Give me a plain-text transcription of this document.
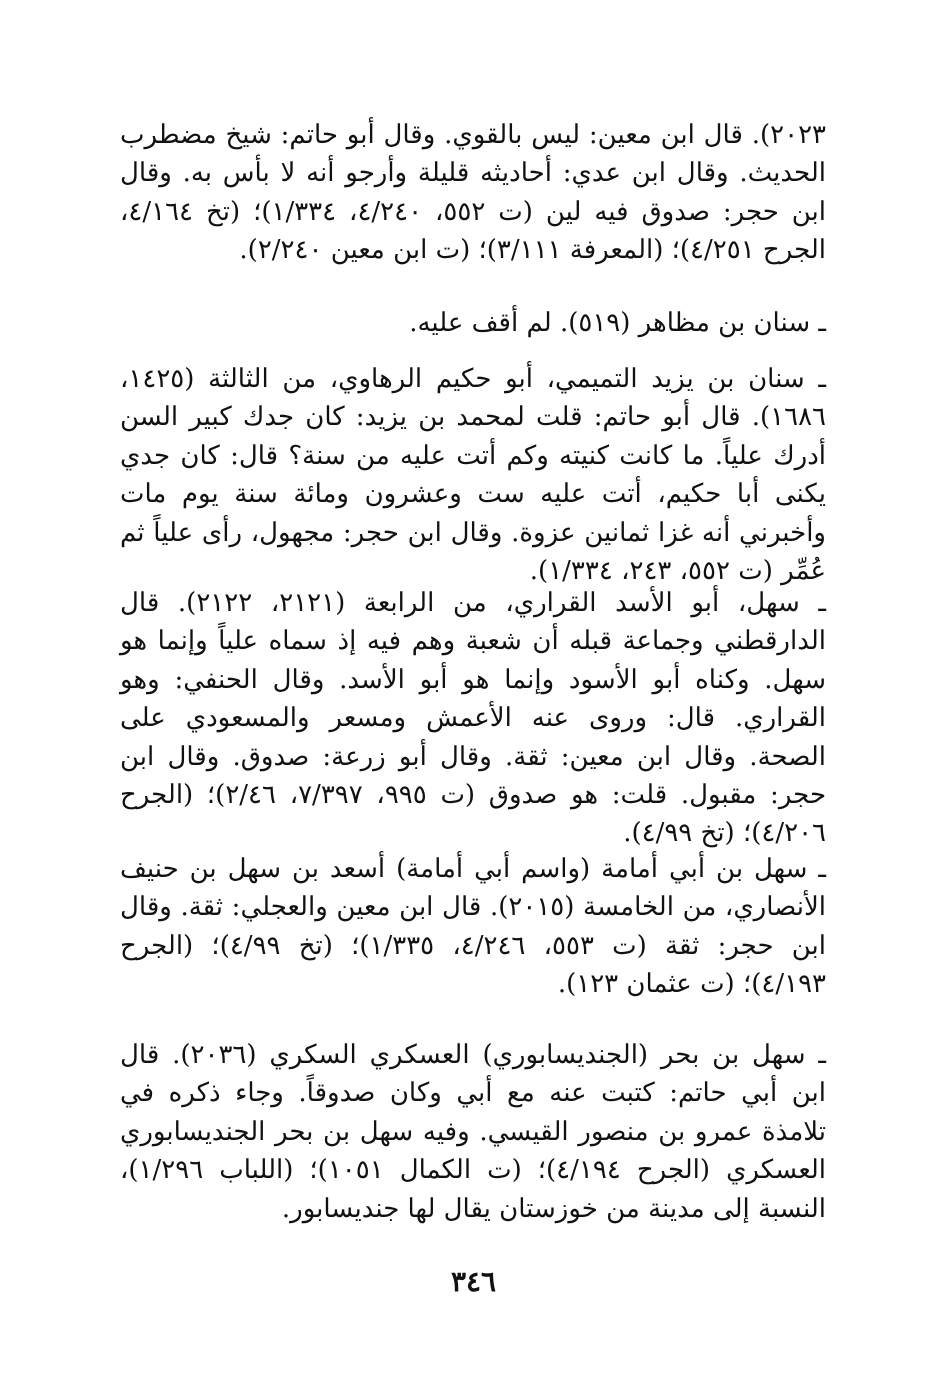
٢٠٢٣). قال ابن معين: ليس بالقوي. وقال أبو حاتم: شيخ مضطرب الحديث. وقال ابن عدي: أحاديثه قليلة وأرجو أنه لا بأس به. وقال ابن حجر: صدوق فيه لين (ت ٥٥٢، ٤/٢٤٠، ١/٣٣٤)؛ (تخ ٤/١٦٤، الجرح ٤/٢٥١)؛ (المعرفة ٣/١١١)؛ (ت ابن معين ٢/٢٤٠).

ـ سنان بن مظاهر (٥١٩). لم أقف عليه.

ـ سنان بن يزيد التميمي، أبو حكيم الرهاوي، من الثالثة (١٤٢٥، ١٦٨٦). قال أبو حاتم: قلت لمحمد بن يزيد: كان جدك كبير السن أدرك علياً. ما كانت كنيته وكم أتت عليه من سنة؟ قال: كان جدي يكنى أبا حكيم، أتت عليه ست وعشرون ومائة سنة يوم مات وأخبرني أنه غزا ثمانين عزوة. وقال ابن حجر: مجهول، رأى علياً ثم عُمِّر (ت ٥٥٢، ٢٤٣، ١/٣٣٤).

ـ سهل، أبو الأسد القراري، من الرابعة (٢١٢١، ٢١٢٢). قال الدارقطني وجماعة قبله أن شعبة وهم فيه إذ سماه علياً وإنما هو سهل. وكناه أبو الأسود وإنما هو أبو الأسد. وقال الحنفي: وهو القراري. قال: وروى عنه الأعمش ومسعر والمسعودي على الصحة. وقال ابن معين: ثقة. وقال أبو زرعة: صدوق. وقال ابن حجر: مقبول. قلت: هو صدوق (ت ٩٩٥، ٧/٣٩٧، ٢/٤٦)؛ (الجرح ٤/٢٠٦)؛ (تخ ٤/٩٩).

ـ سهل بن أبي أمامة (واسم أبي أمامة) أسعد بن سهل بن حنيف الأنصاري، من الخامسة (٢٠١٥). قال ابن معين والعجلي: ثقة. وقال ابن حجر: ثقة (ت ٥٥٣، ٤/٢٤٦، ١/٣٣٥)؛ (تخ ٤/٩٩)؛ (الجرح ٤/١٩٣)؛ (ت عثمان ١٢٣).

ـ سهل بن بحر (الجنديسابوري) العسكري السكري (٢٠٣٦). قال ابن أبي حاتم: كتبت عنه مع أبي وكان صدوقاً. وجاء ذكره في تلامذة عمرو بن منصور القيسي. وفيه سهل بن بحر الجنديسابوري العسكري (الجرح ٤/١٩٤)؛ (ت الكمال ١٠٥١)؛ (اللباب ١/٢٩٦)، النسبة إلى مدينة من خوزستان يقال لها جنديسابور.

٣٤٦
